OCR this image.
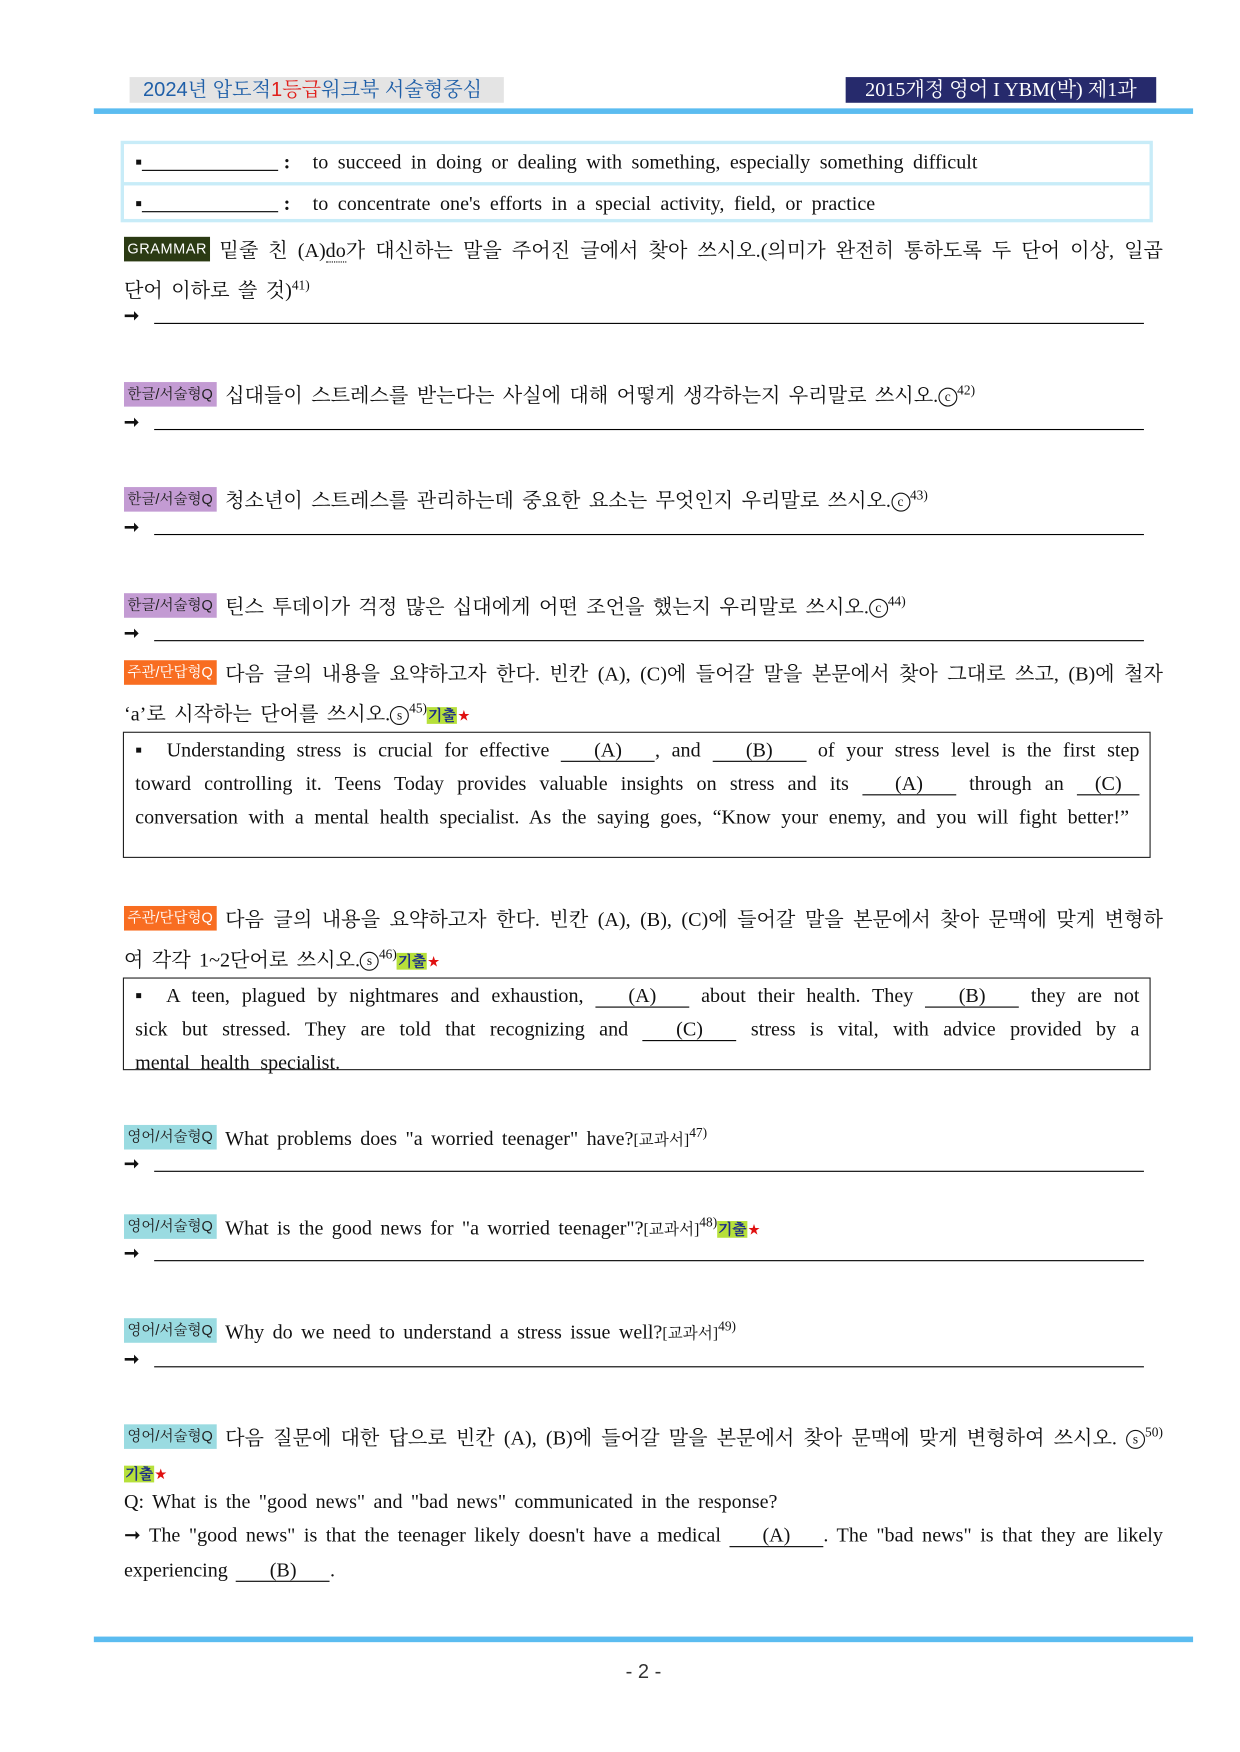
2024년 압도적1등급워크북 서술형중심	2015개정 영어 I YBM(박) 제1과
▪	: to succeed in doing or dealing with something, especially something difficult
▪	: to concentrate one's efforts in a special activity, field, or practice
GRAMMAR 밑줄 친 (A)do가 대신하는 말을 주어진 글에서 찾아 쓰시오.(의미가 완전히 통하도록 두 단어 이상, 일곱 단어 이하로 쓸 것)$^{41)}$
➞
한글/서술형Q 십대들이 스트레스를 받는다는 사실에 대해 어떻게 생각하는지 우리말로 쓰시오. c $^{42)}$
➞
한글/서술형Q 청소년이 스트레스를 관리하는데 중요한 요소는 무엇인지 우리말로 쓰시오. c $^{43)}$
➞
한글/서술형Q 틴스 투데이가 걱정 많은 십대에게 어떤 조언을 했는지 우리말로 쓰시오. c $^{44)}$
➞
주관/단답형Q 다음 글의 내용을 요약하고자 한다. 빈칸 (A), (C)에 들어갈 말을 본문에서 찾아 그대로 쓰고, (B)에 철자 ‘a’로 시작하는 단어를 쓰시오. s $^{45)}$기출★
▪ Understanding stress is crucial for effective (A) , and	(B)	of your stress level is the first step toward controlling it. Teens Today provides valuable insights on stress and its	(A)	through an (C) conversation with a mental health specialist. As the saying goes, “Know your enemy, and you will fight better!”
주관/단답형Q 다음 글의 내용을 요약하고자 한다. 빈칸 (A), (B), (C)에 들어갈 말을 본문에서 찾아 문맥에 맞게 변형하여 각각 1~2단어로 쓰시오. s $^{46)}$기출★
▪ A teen, plagued by nightmares and exhaustion, (A) about their health. They	(B)	they are not sick but stressed. They are told that recognizing and	(C)	stress is vital, with advice provided by a mental health specialist.
영어/서술형Q What problems does "a worried teenager" have?[교과서]$^{47)}$
➞
영어/서술형Q What is the good news for "a worried teenager"?[교과서]$^{48)}$기출★
➞
영어/서술형Q Why do we need to understand a stress issue well?[교과서]$^{49)}$
➞
영어/서술형Q 다음 질문에 대한 답으로 빈칸 (A), (B)에 들어갈 말을 본문에서 찾아 문맥에 맞게 변형하여 쓰시오. s $^{50)}$기출★
Q: What is the "good news" and "bad news" communicated in the response?
➞ The "good news" is that the teenager likely doesn't have a medical (A) . The "bad news" is that they are likely experiencing (B) .
- 2 -
